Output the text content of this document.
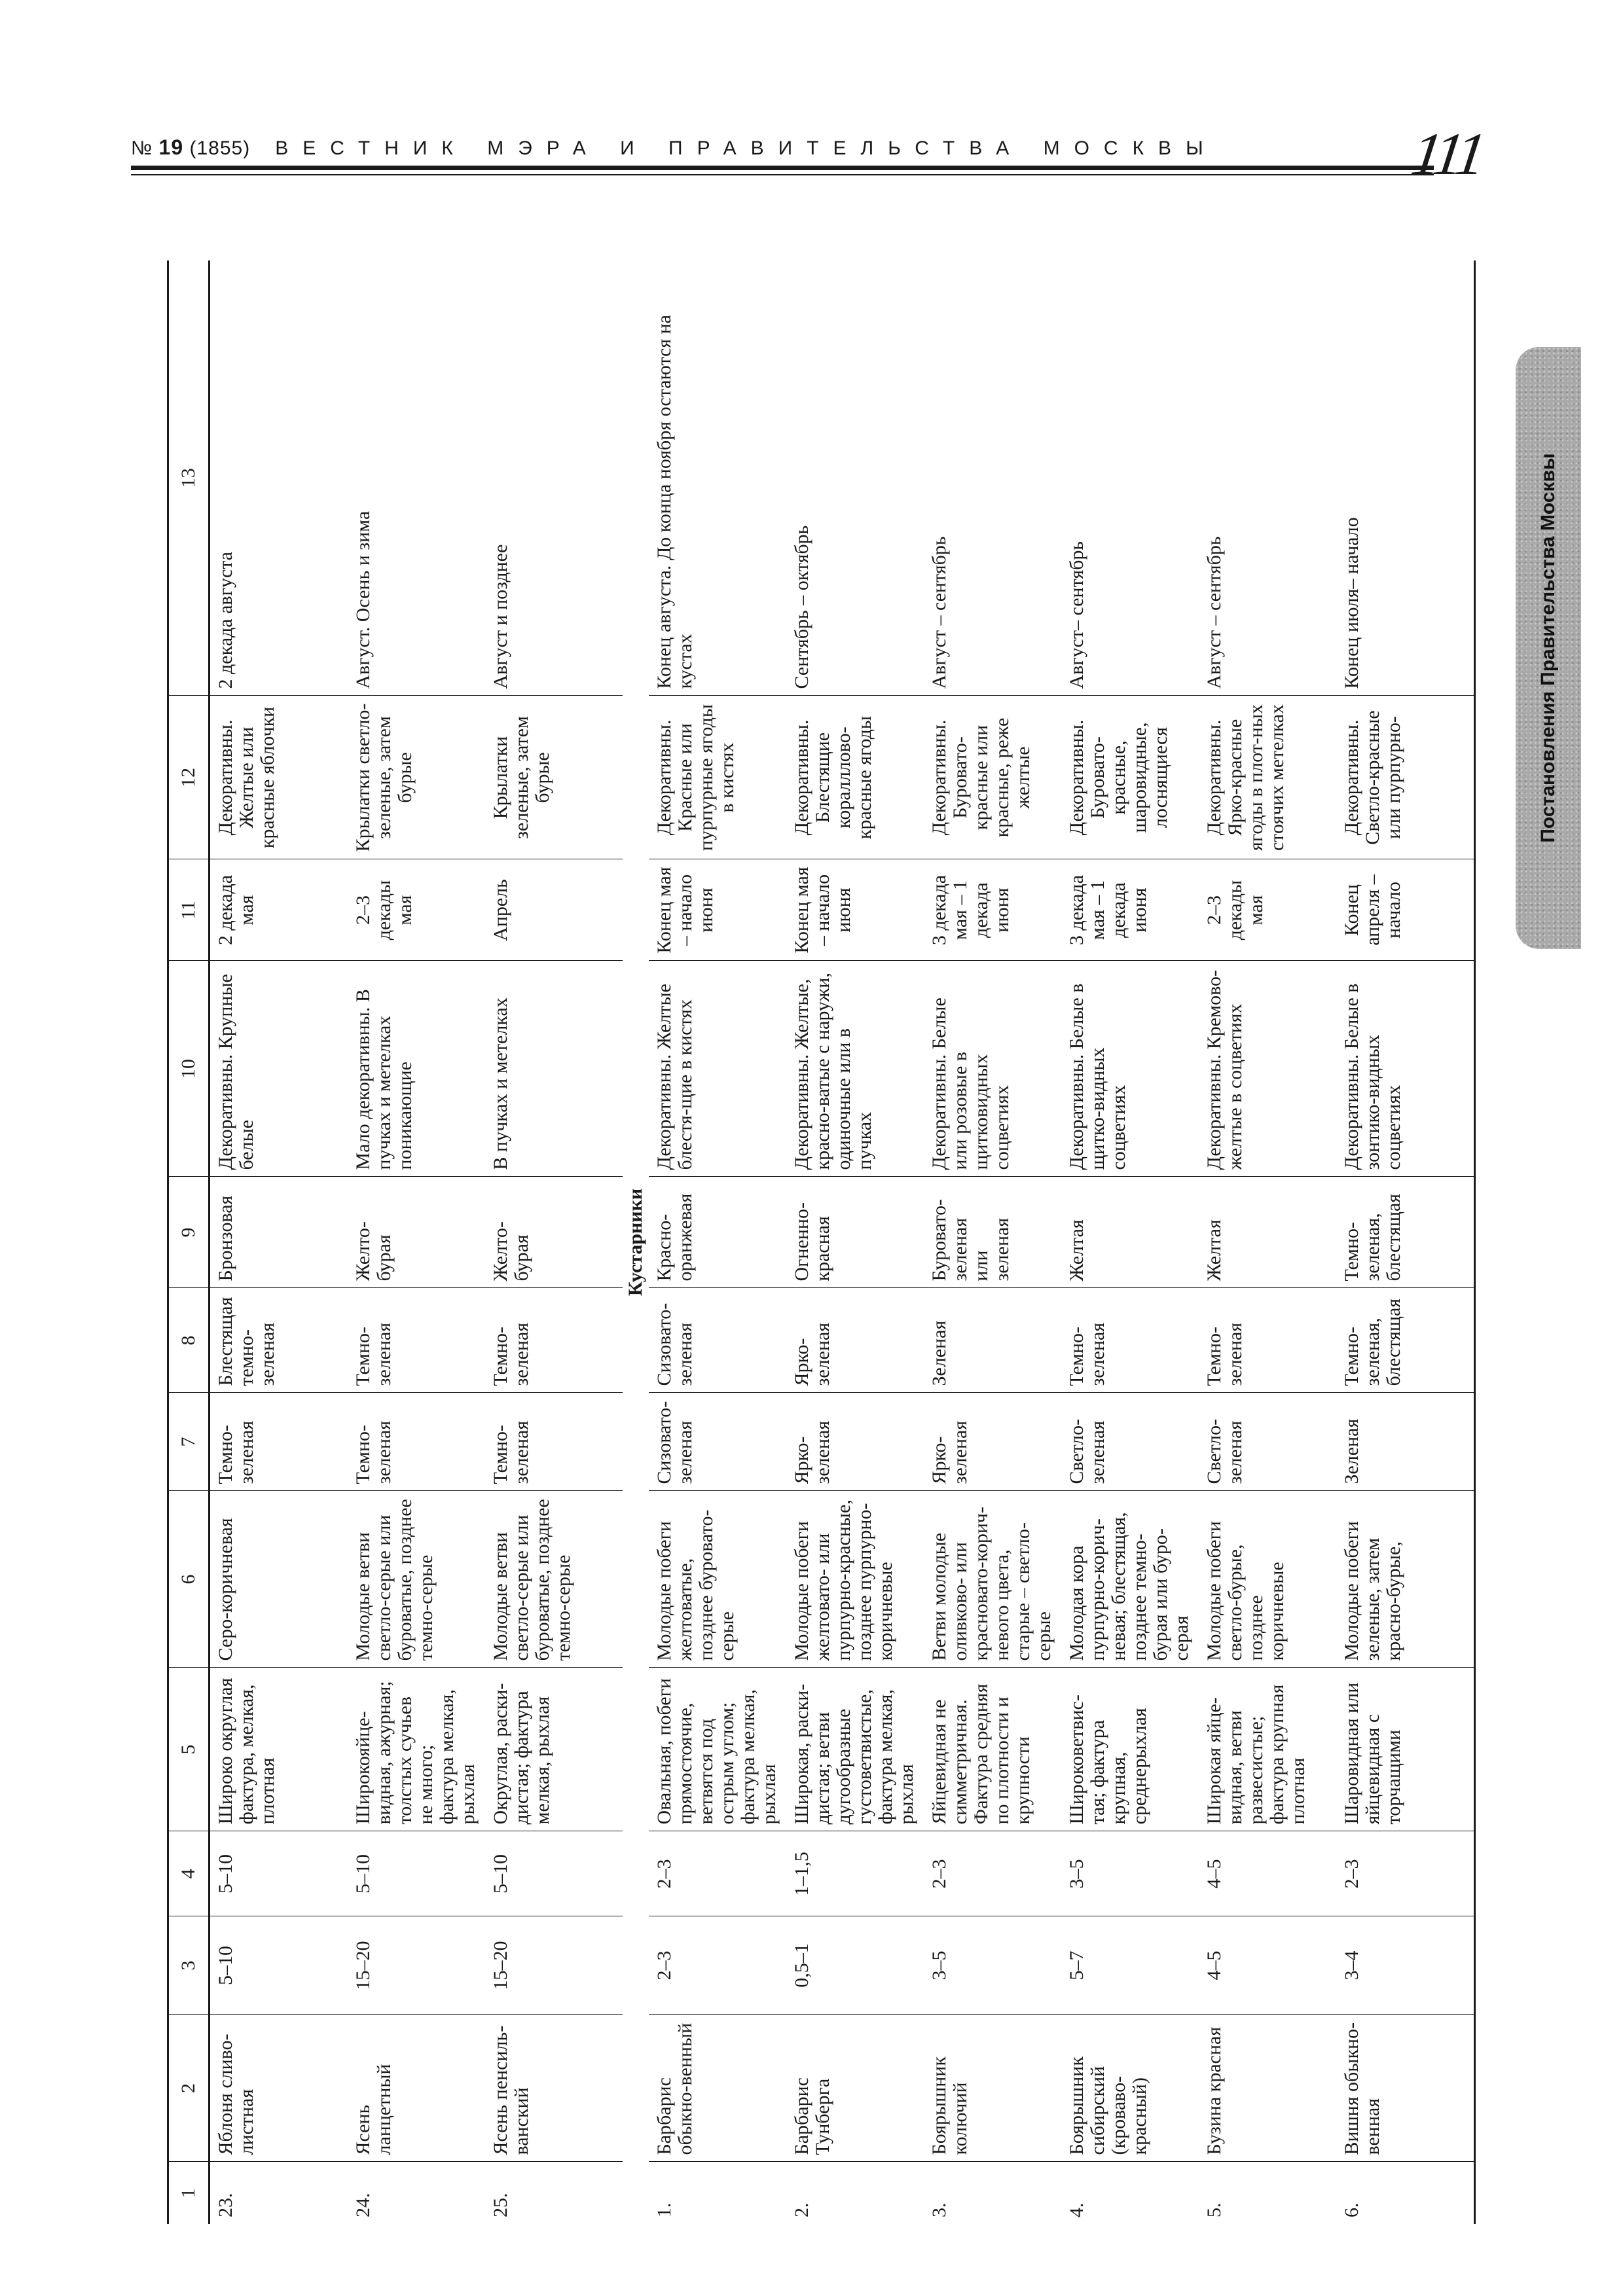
№ 19 (1855) ВЕСТНИК МЭРА И ПРАВИТЕЛЬСТВА МОСКВЫ	111
Постановления Правительства Москвы
1	2	3	4	5	6	7	8	9	10	11	12	13
23.	Яблоня сливо-листная	5–10	5–10	Широко округлая фактура, мелкая, плотная	Серо-коричневая	Темно-зеленая	Блестящая темно-зеленая	Бронзовая	Декоративны. Крупные белые	2 декада мая	Декоративны. Желтые или красные яблочки	2 декада августа
24.	Ясень ланцетный	15–20	5–10	Широкояйце-видная, ажурная; толстых сучьев не много; фактура мелкая, рыхлая	Молодые ветви светло-серые или буроватые, позднее темно-серые	Темно-зеленая	Темно-зеленая	Желто-бурая	Мало декоративны. В пучках и метелках поникающие	2–3 декады мая	Крылатки светло-зеленые, затем бурые	Август. Осень и зима
25.	Ясень пенсиль-ванский	15–20	5–10	Округлая, раски-дистая; фактура мелкая, рыхлая	Молодые ветви светло-серые или буроватые, позднее темно-серые	Темно-зеленая	Темно-зеленая	Желто-бурая	В пучках и метелках	Апрель	Крылатки зеленые, затем бурые	Август и позднее
Кустарники												
1.	Барбарис обыкно-венный	2–3	2–3	Овальная, побеги прямостоячие, ветвятся под острым углом; фактура мелкая, рыхлая	Молодые побеги желтоватые, позднее буровато-серые	Сизовато-зеленая	Сизовато-зеленая	Красно-оранжевая	Декоративны. Желтые блестя-щие в кистях	Конец мая – начало июня	Декоративны. Красные или пурпурные ягоды в кистях	Конец августа. До конца ноября остаются на кустах
2.	Барбарис Тунберга	0,5–1	1–1,5	Широкая, раски-дистая; ветви дугообразные густоветвистые, фактура мелкая, рыхлая	Молодые побеги желтовато- или пурпурно-красные, позднее пурпурно-коричневые	Ярко-зеленая	Ярко-зеленая	Огненно-красная	Декоративны. Желтые, красно-ватые с наружи, одиночные или в пучках	Конец мая – начало июня	Декоративны. Блестящие коралллово-красные ягоды	Сентябрь – октябрь
3.	Боярышник колючий	3–5	2–3	Яйцевидная не симметричная. Фактура средняя по плотности и крупности	Ветви молодые оливково- или красновато-корич-невого цвета, старые – светло-серые	Ярко-зеленая	Зеленая	Буровато-зеленая или зеленая	Декоративны. Белые или розовые в щитковидных соцветиях	3 декада мая – 1 декада июня	Декоративны. Буровато-красные или красные, реже желтые	Август – сентябрь
4.	Боярышник сибирский (кроваво-красный)	5–7	3–5	Широковетвис-тая; фактура крупная, среднерыхлая	Молодая кора пурпурно-корич-невая; блестящая, позднее темно-бурая или буро-серая	Светло-зеленая	Темно-зеленая	Желтая	Декоративны. Белые в щитко-видных соцветиях	3 декада мая – 1 декада июня	Декоративны. Буровато-красные, шаровидные, лоснящиеся	Август– сентябрь
5.	Бузина красная	4–5	4–5	Широкая яйце-видная, ветви развесистые; фактура крупная плотная	Молодые побеги светло-бурые, позднее коричневые	Светло-зеленая	Темно-зеленая	Желтая	Декоративны. Кремово-желтые в соцветиях	2–3 декады мая	Декоративны. Ярко-красные ягоды в плот-ных стоячих метелках	Август – сентябрь
6.	Вишня обыкно-венная	3–4	2–3	Шаровидная или яйцевидная с торчащими	Молодые побеги зеленые, затем красно-бурые,	Зеленая	Темно-зеленая, блестящая	Темно-зеленая, блестящая	Декоративны. Белые в зонтико-видных соцветиях	Конец апреля – начало	Декоративны. Светло-красные или пурпурно-	Конец июля– начало
